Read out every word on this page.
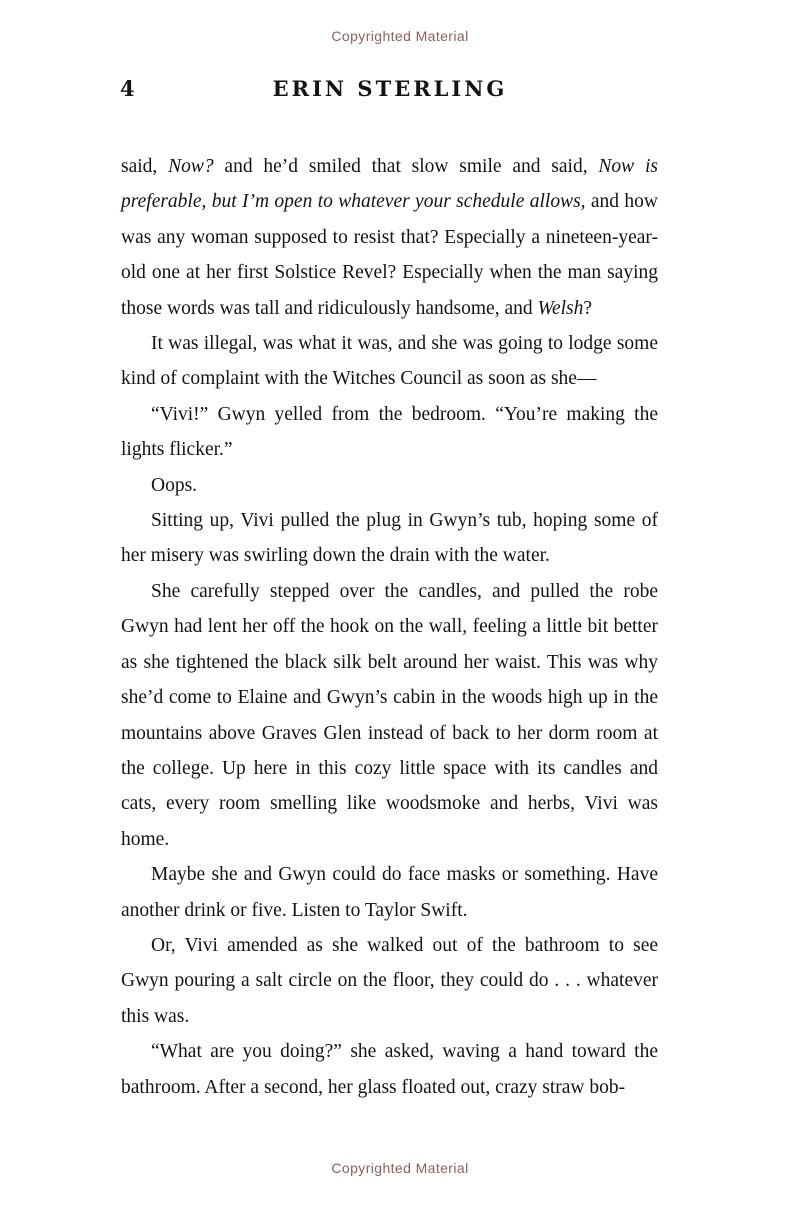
Copyrighted Material
4	ERIN STERLING

said, Now? and he’d smiled that slow smile and said, Now is preferable, but I’m open to whatever your schedule allows, and how was any woman supposed to resist that? Especially a nineteen-year-old one at her first Solstice Revel? Especially when the man saying those words was tall and ridiculously handsome, and Welsh?

It was illegal, was what it was, and she was going to lodge some kind of complaint with the Witches Council as soon as she—

“Vivi!” Gwyn yelled from the bedroom. “You’re making the lights flicker.”

Oops.

Sitting up, Vivi pulled the plug in Gwyn’s tub, hoping some of her misery was swirling down the drain with the water.

She carefully stepped over the candles, and pulled the robe Gwyn had lent her off the hook on the wall, feeling a little bit better as she tightened the black silk belt around her waist. This was why she’d come to Elaine and Gwyn’s cabin in the woods high up in the mountains above Graves Glen instead of back to her dorm room at the college. Up here in this cozy little space with its candles and cats, every room smelling like woodsmoke and herbs, Vivi was home.

Maybe she and Gwyn could do face masks or something. Have another drink or five. Listen to Taylor Swift.

Or, Vivi amended as she walked out of the bathroom to see Gwyn pouring a salt circle on the floor, they could do . . . whatever this was.

“What are you doing?” she asked, waving a hand toward the bathroom. After a second, her glass floated out, crazy straw bob-

Copyrighted Material
